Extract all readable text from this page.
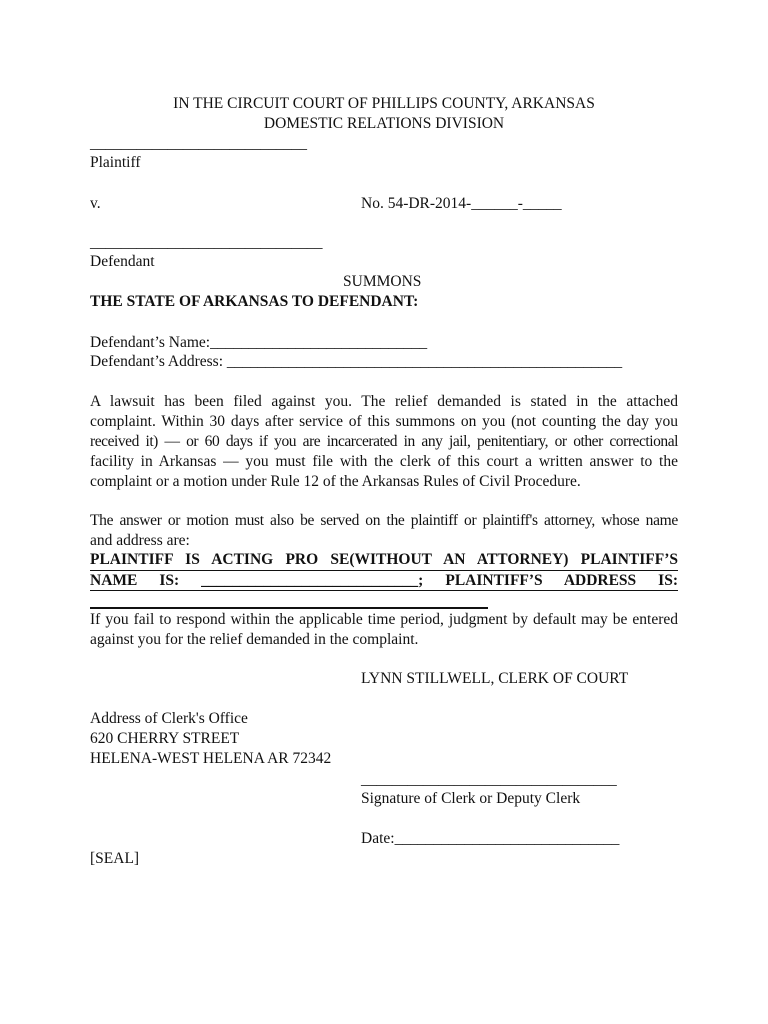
IN THE CIRCUIT COURT OF PHILLIPS COUNTY, ARKANSAS
DOMESTIC RELATIONS DIVISION
____________________________
Plaintiff
v.	No. 54-DR-2014-______-_____
______________________________
Defendant
SUMMONS
THE STATE OF ARKANSAS TO DEFENDANT:
Defendant’s Name:____________________________
Defendant’s Address: ___________________________________________________
A lawsuit has been filed against you. The relief demanded is stated in the attached
complaint. Within 30 days after service of this summons on you (not counting the day you
received it) — or 60 days if you are incarcerated in any jail, penitentiary, or other correctional
facility in Arkansas — you must file with the clerk of this court a written answer to the
complaint or a motion under Rule 12 of the Arkansas Rules of Civil Procedure.
The answer or motion must also be served on the plaintiff or plaintiff's attorney, whose name
and address are:
PLAINTIFF IS ACTING PRO SE(WITHOUT AN ATTORNEY) PLAINTIFF’S
NAME IS: ____________________________; PLAINTIFF’S ADDRESS IS:
If you fail to respond within the applicable time period, judgment by default may be entered
against you for the relief demanded in the complaint.
LYNN STILLWELL, CLERK OF COURT
Address of Clerk's Office
620 CHERRY STREET
HELENA-WEST HELENA AR 72342
_________________________________
Signature of Clerk or Deputy Clerk
Date:_____________________________
[SEAL]
